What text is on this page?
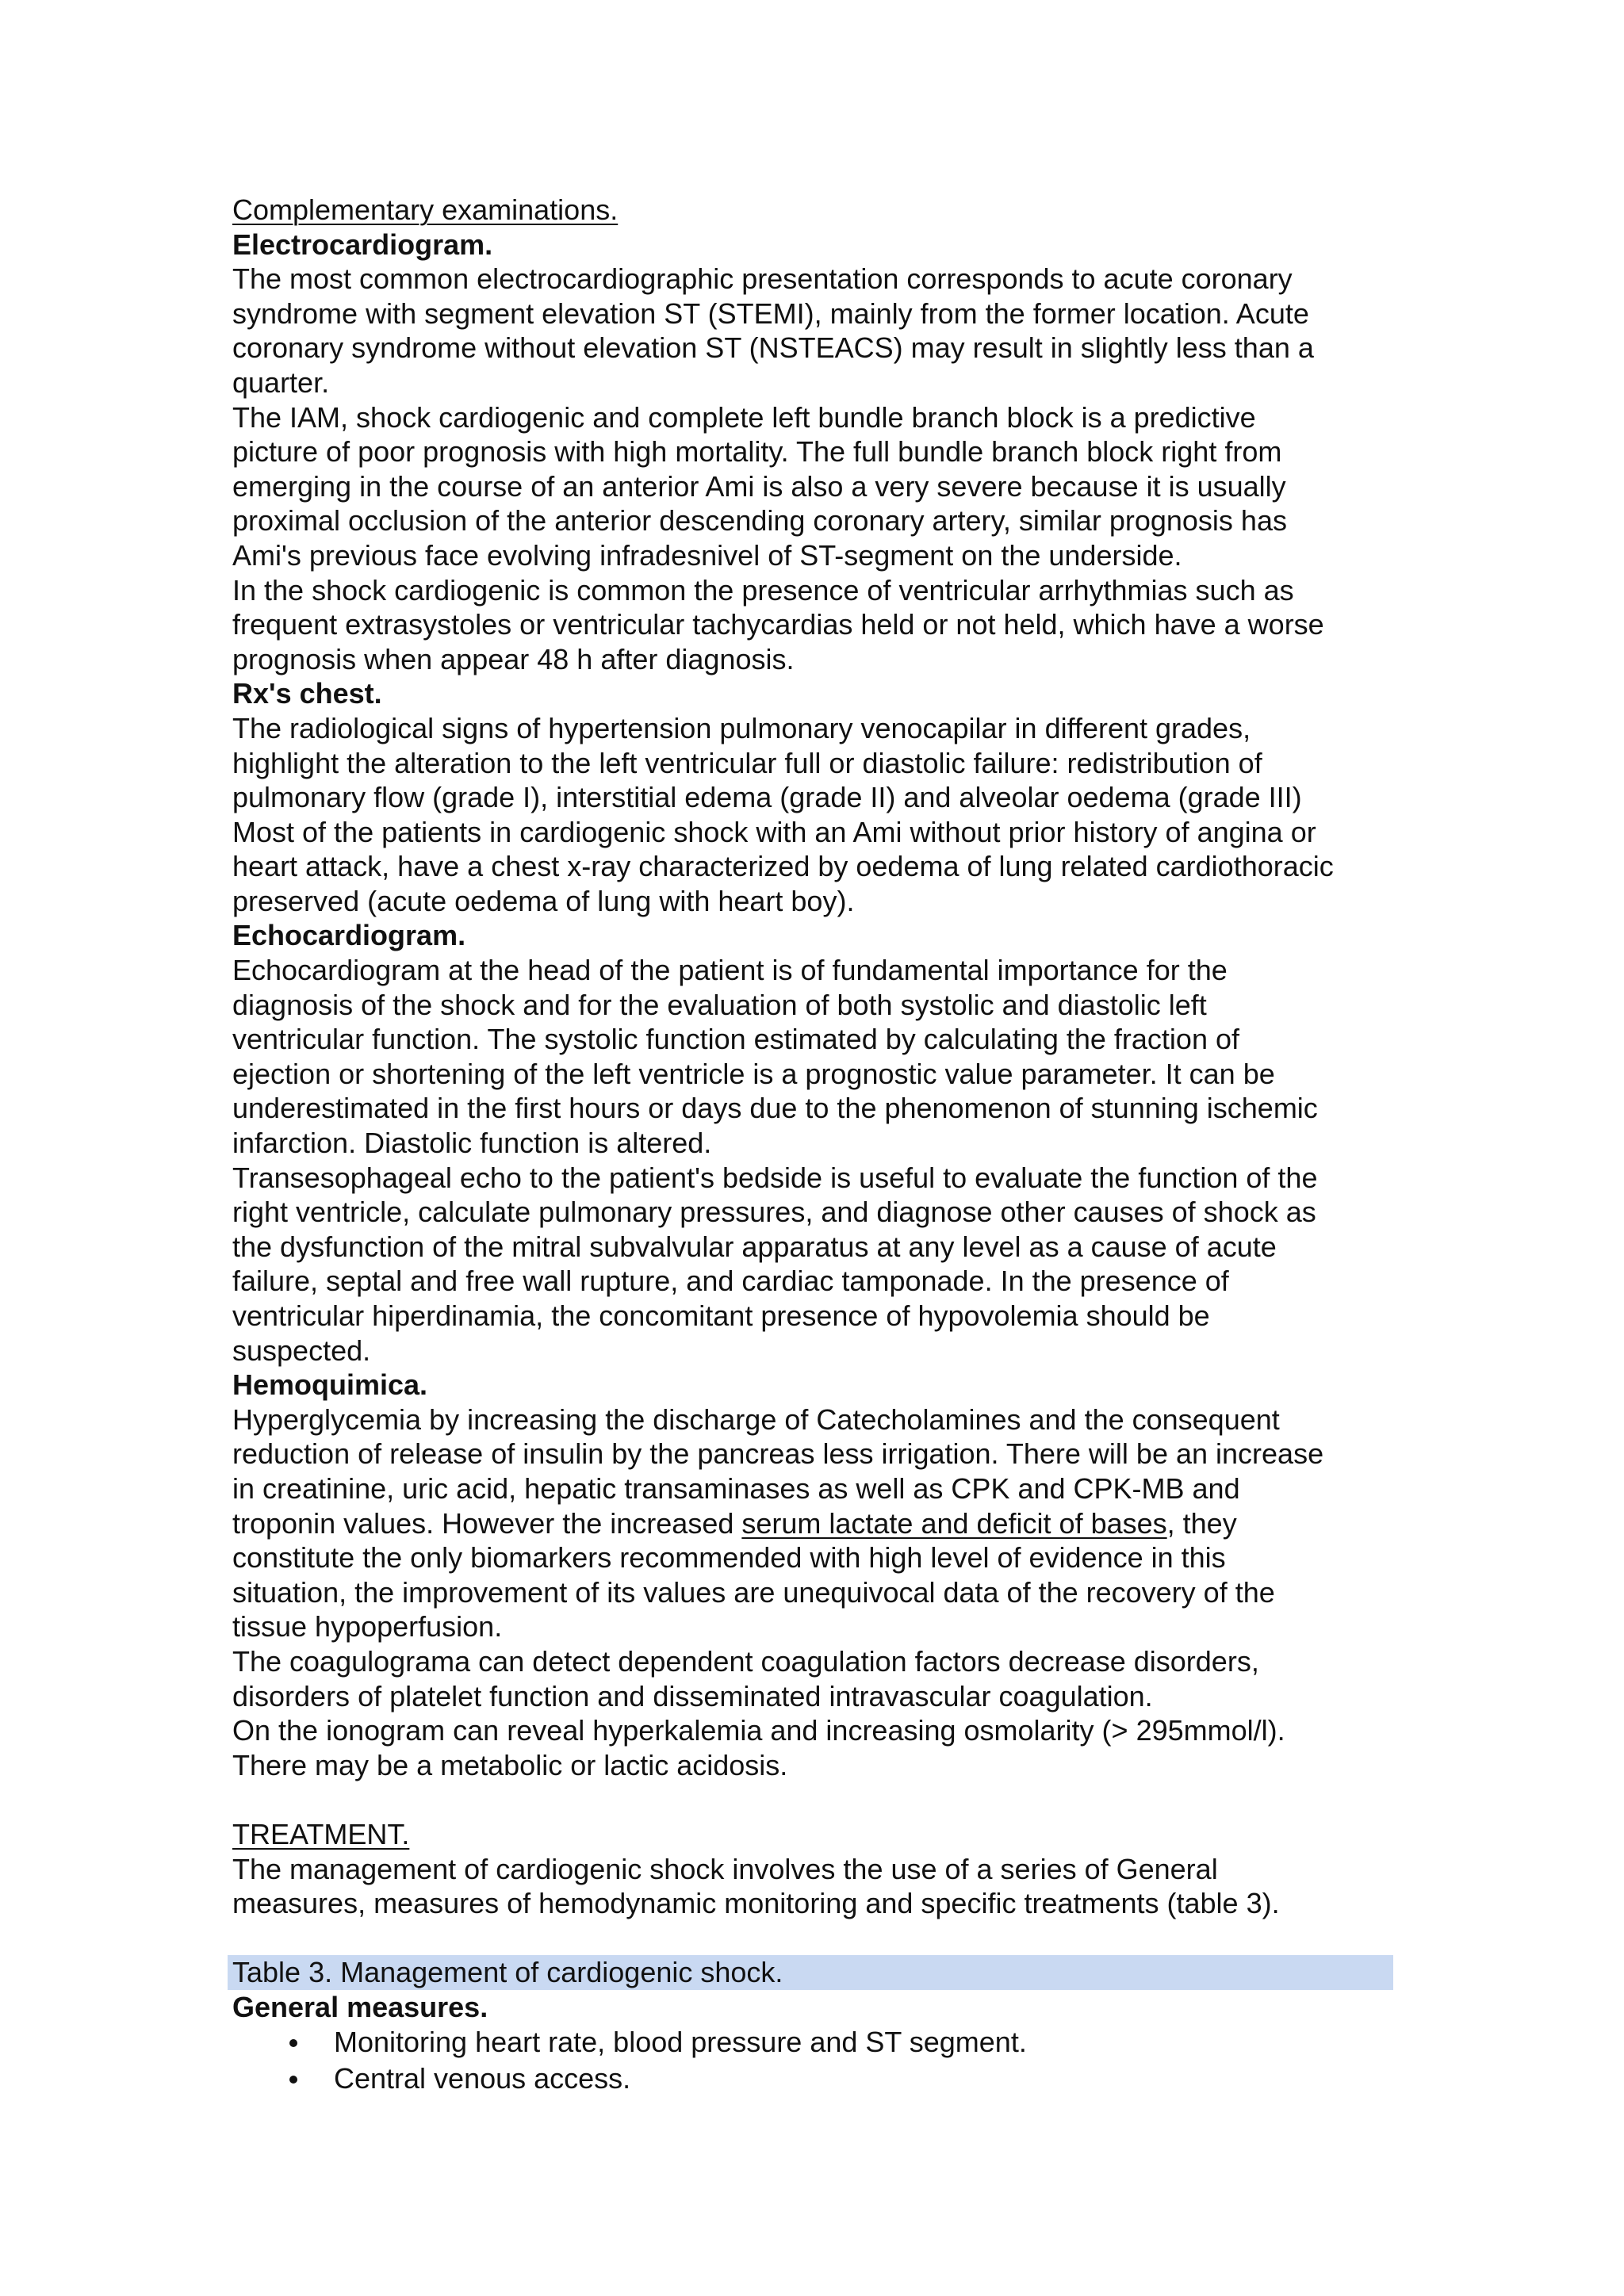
Complementary examinations.
Electrocardiogram.
The most common electrocardiographic presentation corresponds to acute coronary
syndrome with segment elevation ST (STEMI), mainly from the former location. Acute
coronary syndrome without elevation ST (NSTEACS) may result in slightly less than a
quarter.
The IAM, shock cardiogenic and complete left bundle branch block is a predictive
picture of poor prognosis with high mortality. The full bundle branch block right from
emerging in the course of an anterior Ami is also a very severe because it is usually
proximal occlusion of the anterior descending coronary artery, similar prognosis has
Ami's previous face evolving infradesnivel of ST-segment on the underside.
In the shock cardiogenic is common the presence of ventricular arrhythmias such as
frequent extrasystoles or ventricular tachycardias held or not held, which have a worse
prognosis when appear 48 h after diagnosis.
Rx's chest.
The radiological signs of hypertension pulmonary venocapilar in different grades,
highlight the alteration to the left ventricular full or diastolic failure: redistribution of
pulmonary flow (grade I), interstitial edema (grade II) and alveolar oedema (grade III)
Most of the patients in cardiogenic shock with an Ami without prior history of angina or
heart attack, have a chest x-ray characterized by oedema of lung related cardiothoracic
preserved (acute oedema of lung with heart boy).
Echocardiogram.
Echocardiogram at the head of the patient is of fundamental importance for the
diagnosis of the shock and for the evaluation of both systolic and diastolic left
ventricular function. The systolic function estimated by calculating the fraction of
ejection or shortening of the left ventricle is a prognostic value parameter. It can be
underestimated in the first hours or days due to the phenomenon of stunning ischemic
infarction. Diastolic function is altered.
Transesophageal echo to the patient's bedside is useful to evaluate the function of the
right ventricle, calculate pulmonary pressures, and diagnose other causes of shock as
the dysfunction of the mitral subvalvular apparatus at any level as a cause of acute
failure, septal and free wall rupture, and cardiac tamponade. In the presence of
ventricular hiperdinamia, the concomitant presence of hypovolemia should be
suspected.
Hemoquimica.
Hyperglycemia by increasing the discharge of Catecholamines and the consequent
reduction of release of insulin by the pancreas less irrigation. There will be an increase
in creatinine, uric acid, hepatic transaminases as well as CPK and CPK-MB and
troponin values. However the increased serum lactate and deficit of bases, they
constitute the only biomarkers recommended with high level of evidence in this
situation, the improvement of its values are unequivocal data of the recovery of the
tissue hypoperfusion.
The coagulograma can detect dependent coagulation factors decrease disorders,
disorders of platelet function and disseminated intravascular coagulation.
On the ionogram can reveal hyperkalemia and increasing osmolarity (> 295mmol/l).
There may be a metabolic or lactic acidosis.
TREATMENT.
The management of cardiogenic shock involves the use of a series of General
measures, measures of hemodynamic monitoring and specific treatments (table 3).
Table 3. Management of cardiogenic shock.
General measures.
Monitoring heart rate, blood pressure and ST segment.
Central venous access.
